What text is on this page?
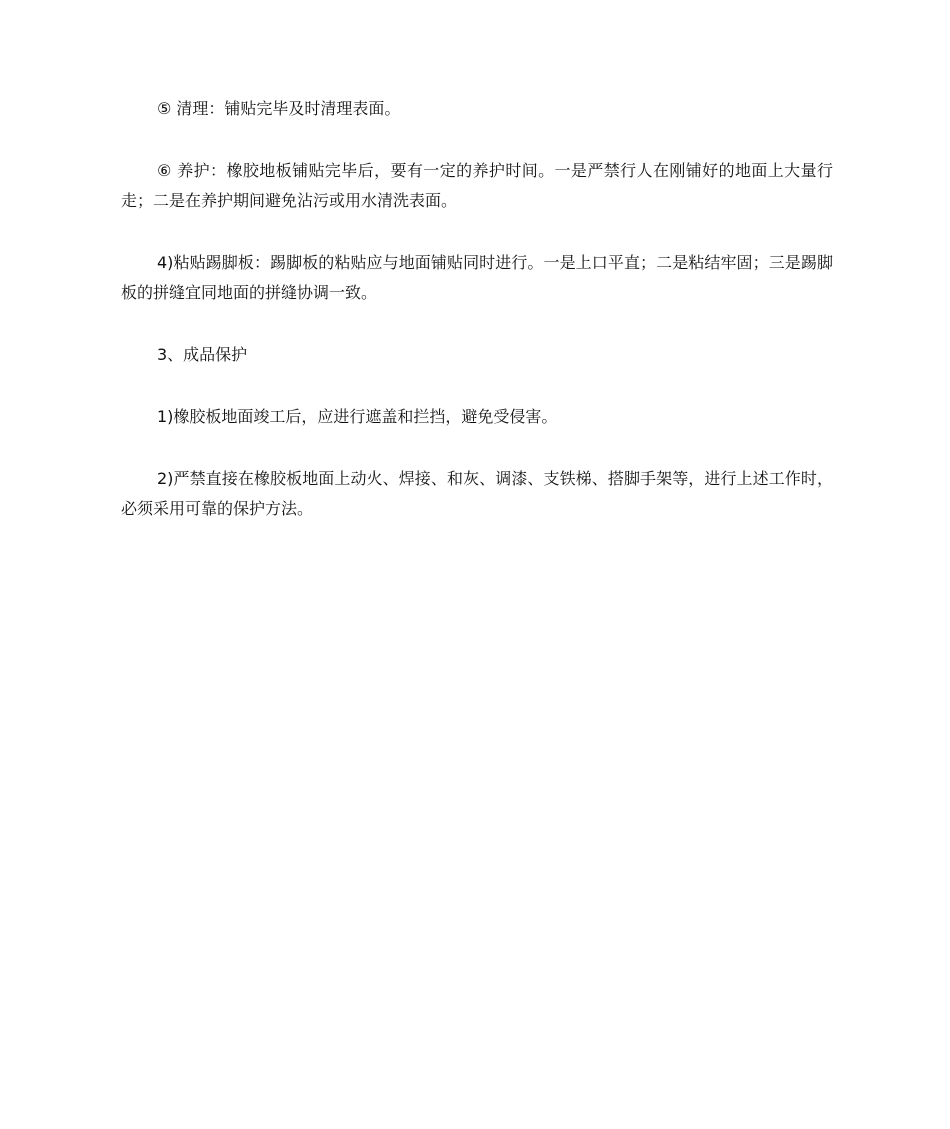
⑤ 清理：铺贴完毕及时清理表面。

⑥ 养护：橡胶地板铺贴完毕后，要有一定的养护时间。一是严禁行人在刚铺好的地面上大量行走；二是在养护期间避免沾污或用水清洗表面。

4)粘贴踢脚板：踢脚板的粘贴应与地面铺贴同时进行。一是上口平直；二是粘结牢固；三是踢脚板的拼缝宜同地面的拼缝协调一致。

3、成品保护

1)橡胶板地面竣工后，应进行遮盖和拦挡，避免受侵害。

2)严禁直接在橡胶板地面上动火、焊接、和灰、调漆、支铁梯、搭脚手架等，进行上述工作时，必须采用可靠的保护方法。
